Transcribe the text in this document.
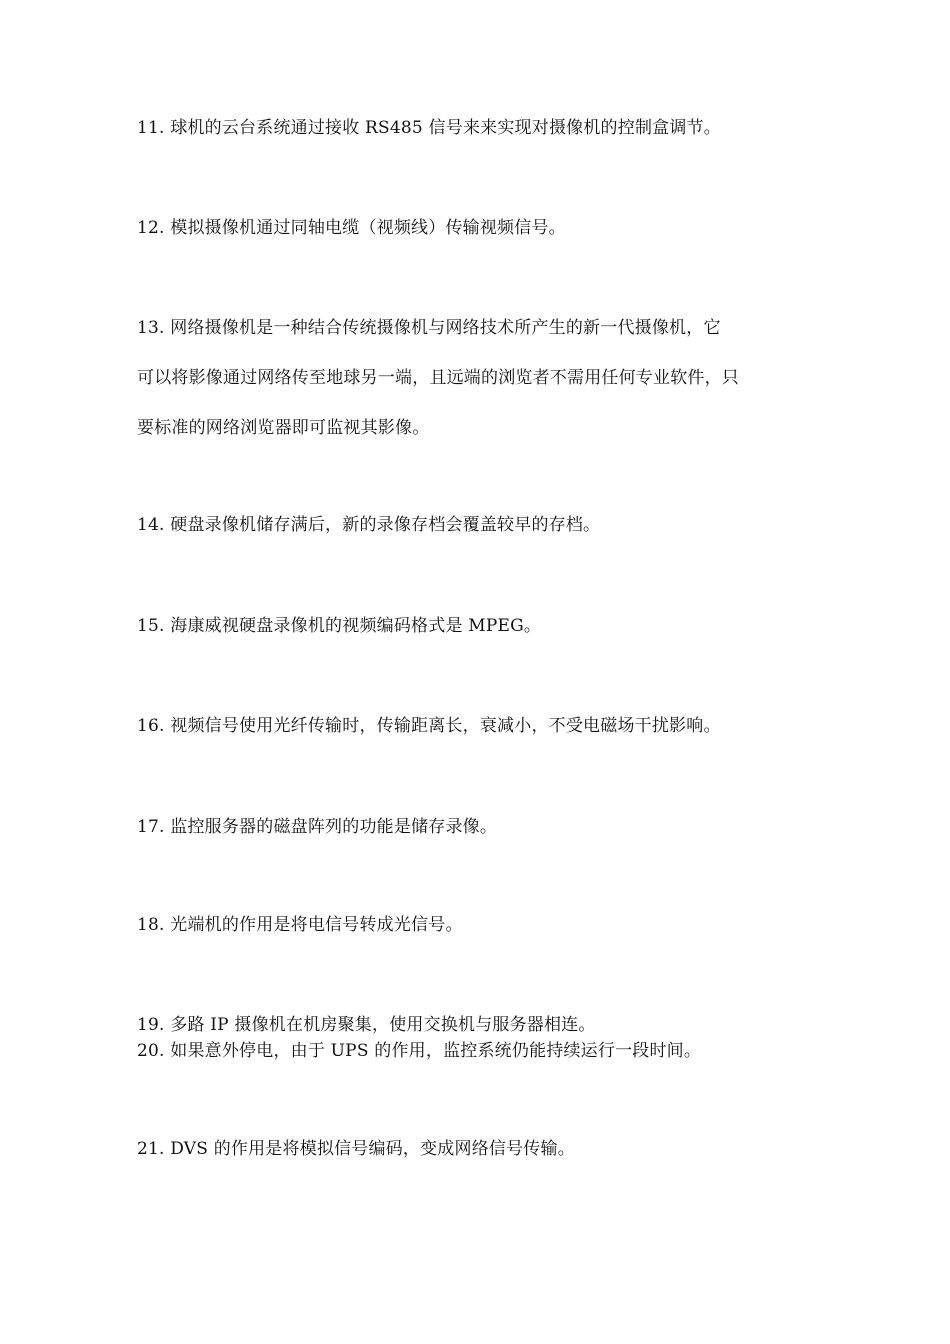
11. 球机的云台系统通过接收 RS485 信号来来实现对摄像机的控制盒调节。
12. 模拟摄像机通过同轴电缆（视频线）传输视频信号。
13. 网络摄像机是一种结合传统摄像机与网络技术所产生的新一代摄像机，它
可以将影像通过网络传至地球另一端，且远端的浏览者不需用任何专业软件，只
要标准的网络浏览器即可监视其影像。
14. 硬盘录像机储存满后，新的录像存档会覆盖较早的存档。
15. 海康威视硬盘录像机的视频编码格式是 MPEG。
16. 视频信号使用光纤传输时，传输距离长，衰减小，不受电磁场干扰影响。
17. 监控服务器的磁盘阵列的功能是储存录像。
18. 光端机的作用是将电信号转成光信号。
19. 多路 IP 摄像机在机房聚集，使用交换机与服务器相连。
20. 如果意外停电，由于 UPS 的作用，监控系统仍能持续运行一段时间。
21. DVS 的作用是将模拟信号编码，变成网络信号传输。
